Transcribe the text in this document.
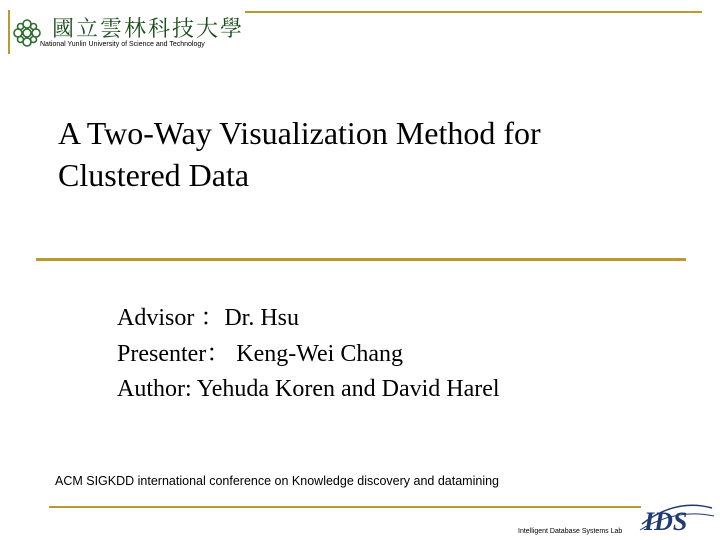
國立雲林科技大學
National Yunlin University of Science and Technology
A Two-Way Visualization Method for
Clustered Data
Advisor ：Dr. Hsu
Presenter： Keng-Wei Chang
Author: Yehuda Koren and David Harel
ACM SIGKDD international conference on Knowledge discovery and datamining
Intelligent Database Systems Lab IDS
